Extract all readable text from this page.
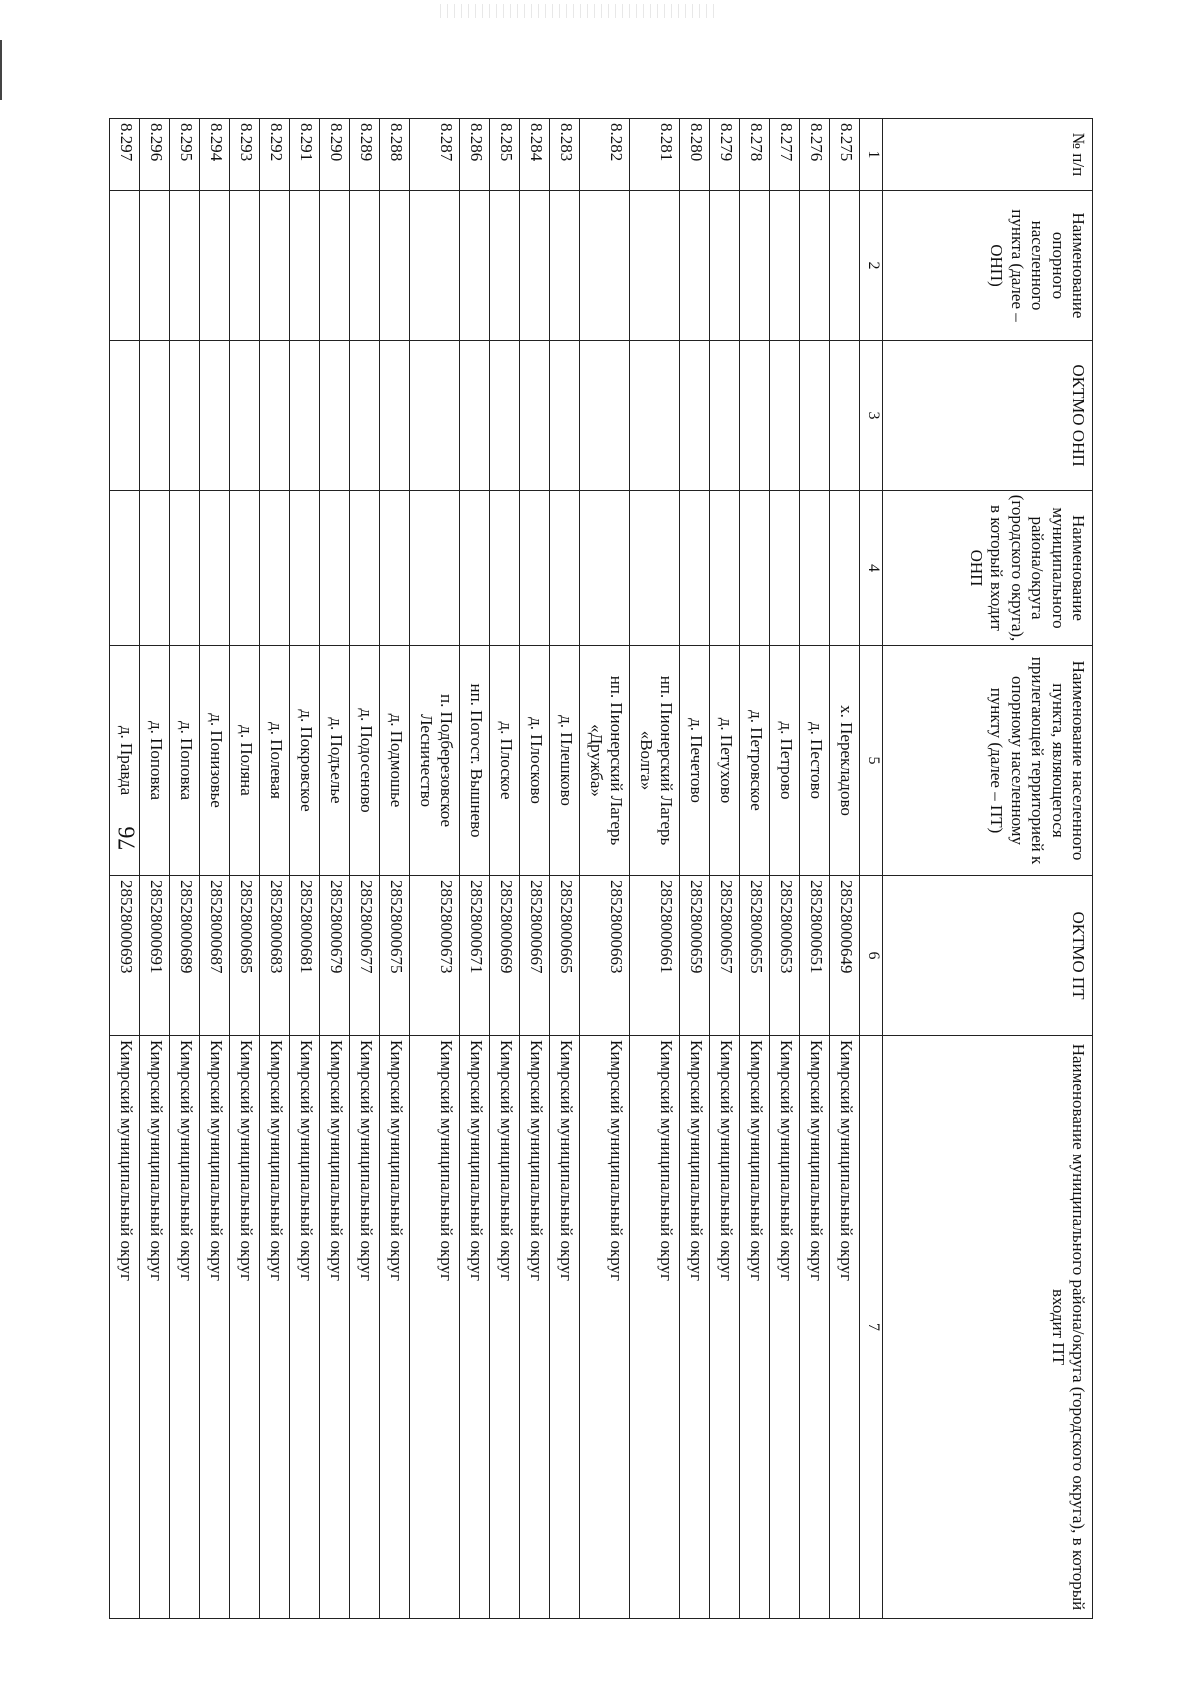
76
№ п/п	Наименование опорного населенного пункта (далее – ОНП)	ОКТМО ОНП	Наименование муниципального района/округа (городского округа), в который входит ОНП	Наименование населенного пункта, являющегося прилегающей территорией к опорному населенному пункту (далее – ПТ)	ОКТМО ПТ	Наименование муниципального района/округа (городского округа), в который входит ПТ
1	2	3	4	5	6	7
8.275				х. Перекладово	28528000649	Кимрский муниципальный округ
8.276				д. Пестово	28528000651	Кимрский муниципальный округ
8.277				д. Петрово	28528000653	Кимрский муниципальный округ
8.278				д. Петровское	28528000655	Кимрский муниципальный округ
8.279				д. Петухово	28528000657	Кимрский муниципальный округ
8.280				д. Печетово	28528000659	Кимрский муниципальный округ
8.281				нп. Пионерский Лагерь «Волга»	28528000661	Кимрский муниципальный округ
8.282				нп. Пионерский Лагерь «Дружба»	28528000663	Кимрский муниципальный округ
8.283				д. Плешково	28528000665	Кимрский муниципальный округ
8.284				д. Плосково	28528000667	Кимрский муниципальный округ
8.285				д. Плоское	28528000669	Кимрский муниципальный округ
8.286				нп. Погост. Вышнево	28528000671	Кимрский муниципальный округ
8.287				п. Подберезовское Лесничество	28528000673	Кимрский муниципальный округ
8.288				д. Подмошье	28528000675	Кимрский муниципальный округ
8.289				д. Подосеново	28528000677	Кимрский муниципальный округ
8.290				д. Подъелье	28528000679	Кимрский муниципальный округ
8.291				д. Покровское	28528000681	Кимрский муниципальный округ
8.292				д. Полевая	28528000683	Кимрский муниципальный округ
8.293				д. Поляна	28528000685	Кимрский муниципальный округ
8.294				д. Понизовье	28528000687	Кимрский муниципальный округ
8.295				д. Поповка	28528000689	Кимрский муниципальный округ
8.296				д. Поповка	28528000691	Кимрский муниципальный округ
8.297				д. Правда	28528000693	Кимрский муниципальный округ
